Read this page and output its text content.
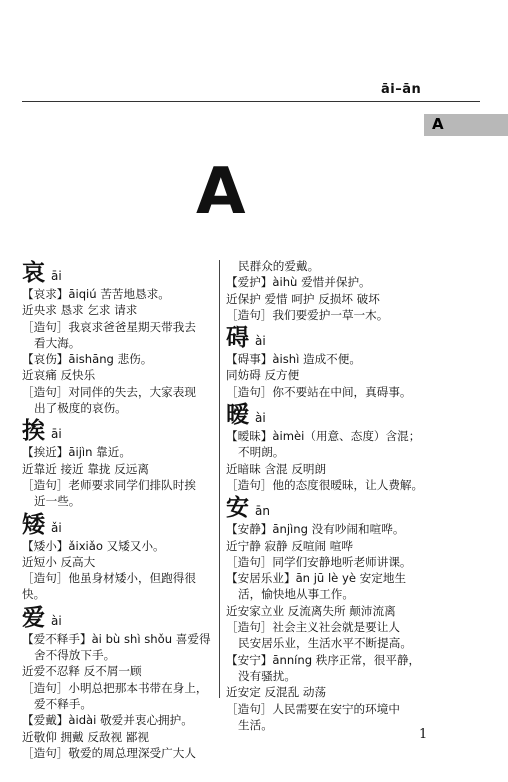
āi–ān
A
A
哀āi
【哀求】āiqiú 苦苦地恳求。
近央求 恳求 乞求 请求
［造句］我哀求爸爸星期天带我去
看大海。
【哀伤】āishāng 悲伤。
近哀痛 反快乐
［造句］对同伴的失去，大家表现
出了极度的哀伤。
挨āi
【挨近】āijìn 靠近。
近靠近 接近 靠拢 反远离
［造句］老师要求同学们排队时挨
近一些。
矮ǎi
【矮小】ǎixiǎo 又矮又小。
近短小 反高大
［造句］他虽身材矮小，但跑得很快。
爱ài
【爱不释手】ài bù shì shǒu 喜爱得
舍不得放下手。
近爱不忍释 反不屑一顾
［造句］小明总把那本书带在身上，
爱不释手。
【爱戴】àidài 敬爱并衷心拥护。
近敬仰 拥戴 反敌视 鄙视
［造句］敬爱的周总理深受广大人
民群众的爱戴。
【爱护】àihù 爱惜并保护。
近保护 爱惜 呵护 反损坏 破坏
［造句］我们要爱护一草一木。
碍ài
【碍事】àishì 造成不便。
同妨碍 反方便
［造句］你不要站在中间，真碍事。
暧ài
【暧昧】àimèi（用意、态度）含混；
不明朗。
近暗昧 含混 反明朗
［造句］他的态度很暧昧，让人费解。
安ān
【安静】ānjìng 没有吵闹和喧哗。
近宁静 寂静 反喧闹 喧哗
［造句］同学们安静地听老师讲课。
【安居乐业】ān jū lè yè 安定地生
活，愉快地从事工作。
近安家立业 反流离失所 颠沛流离
［造句］社会主义社会就是要让人
民安居乐业，生活水平不断提高。
【安宁】ānníng 秩序正常，很平静，
没有骚扰。
近安定 反混乱 动荡
［造句］人民需要在安宁的环境中
生活。
1
